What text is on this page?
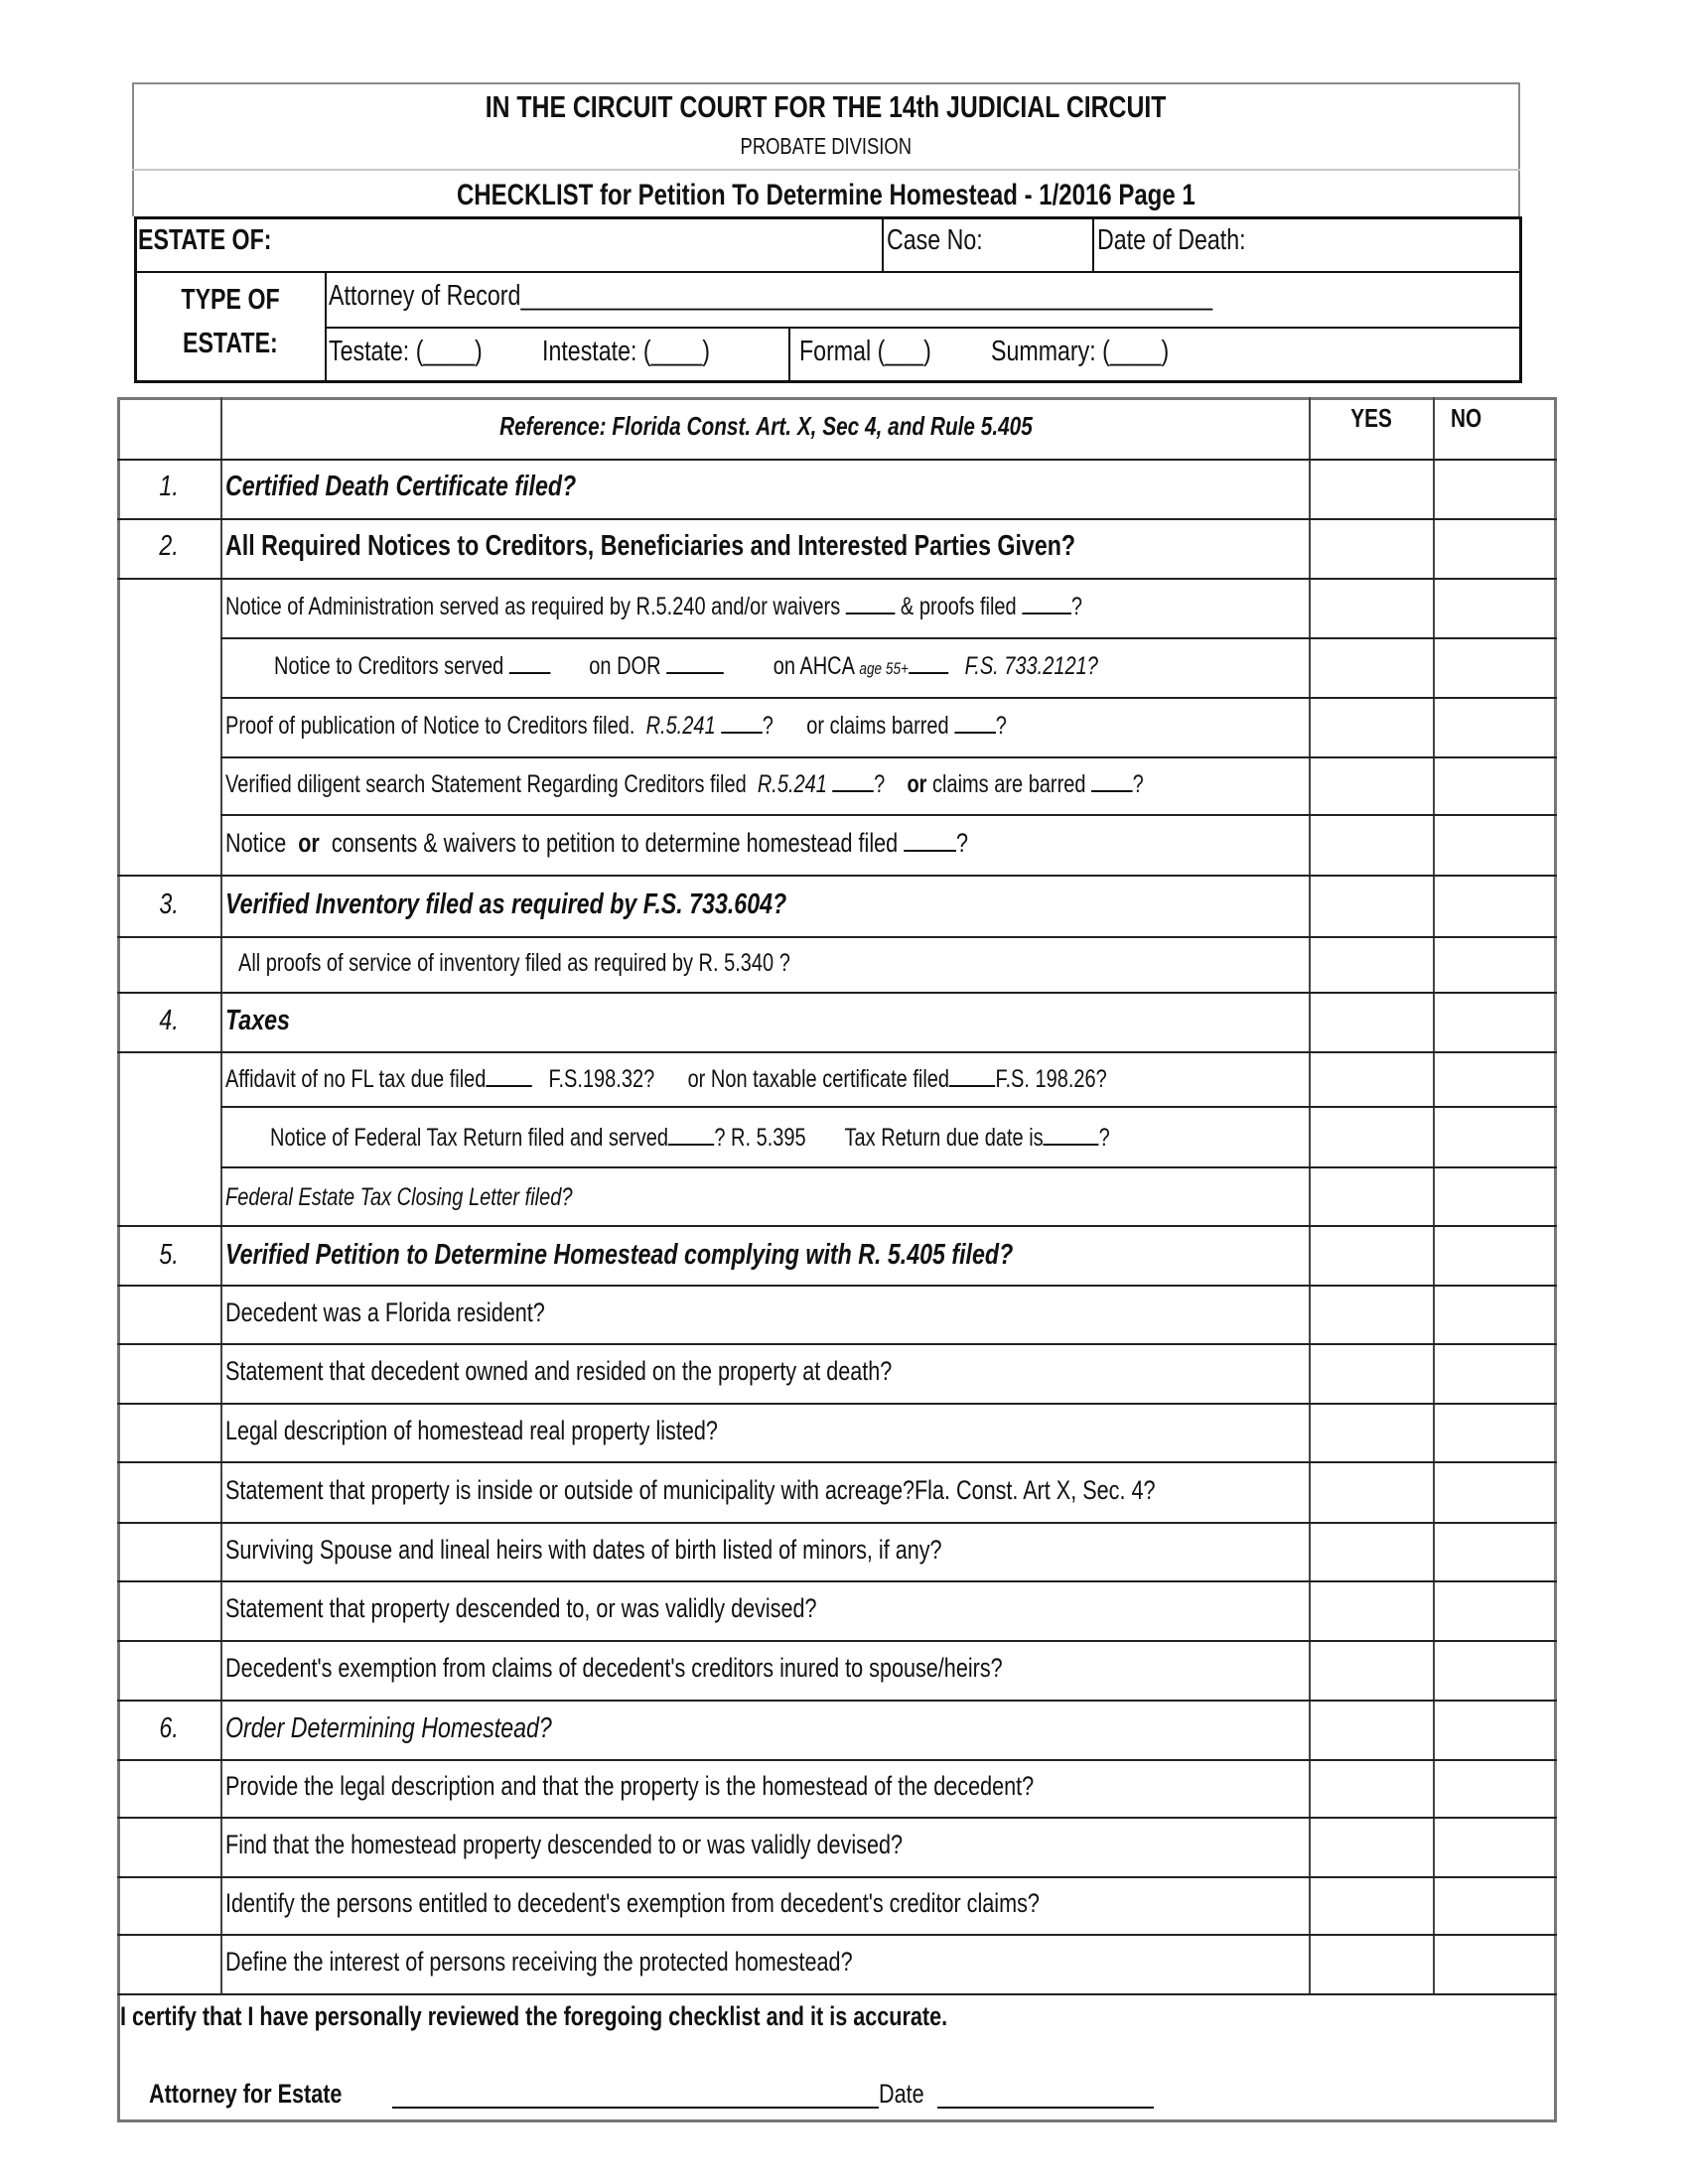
IN THE CIRCUIT COURT FOR THE 14th JUDICIAL CIRCUIT
PROBATE DIVISION
CHECKLIST for Petition To Determine Homestead - 1/2016 Page 1
ESTATE OF:	Case No:	Date of Death:
TYPE OF
ESTATE:
Attorney of Record______________________________________________________
Testate: (____)	Intestate: (____)	Formal (___)	Summary: (____)
Reference: Florida Const. Art. X, Sec 4, and Rule 5.405	YES	NO
1.	Certified Death Certificate filed?
2.	All Required Notices to Creditors, Beneficiaries and Interested Parties Given?
Notice of Administration served as required by R.5.240 and/or waivers & proofs filed ?
Notice to Creditors served	on DOR	on AHCA age 55+ F.S. 733.2121?
Proof of publication of Notice to Creditors filed. R.5.241 ? or claims barred ?
Verified diligent search Statement Regarding Creditors filed R.5.241 ? or claims are barred ?
Notice or consents & waivers to petition to determine homestead filed ?
3.	Verified Inventory filed as required by F.S. 733.604?
All proofs of service of inventory filed as required by R. 5.340 ?
4.	Taxes
Affidavit of no FL tax due filed	F.S.198.32? or Non taxable certificate filed F.S. 198.26?
Notice of Federal Tax Return filed and served ? R. 5.395 Tax Return due date is ?
Federal Estate Tax Closing Letter filed?
5.	Verified Petition to Determine Homestead complying with R. 5.405 filed?
Decedent was a Florida resident?
Statement that decedent owned and resided on the property at death?
Legal description of homestead real property listed?
Statement that property is inside or outside of municipality with acreage?Fla. Const. Art X, Sec. 4?
Surviving Spouse and lineal heirs with dates of birth listed of minors, if any?
Statement that property descended to, or was validly devised?
Decedent's exemption from claims of decedent's creditors inured to spouse/heirs?
6.	Order Determining Homestead?
Provide the legal description and that the property is the homestead of the decedent?
Find that the homestead property descended to or was validly devised?
Identify the persons entitled to decedent's exemption from decedent's creditor claims?
Define the interest of persons receiving the protected homestead?
I certify that I have personally reviewed the foregoing checklist and it is accurate.
Attorney for Estate	Date
